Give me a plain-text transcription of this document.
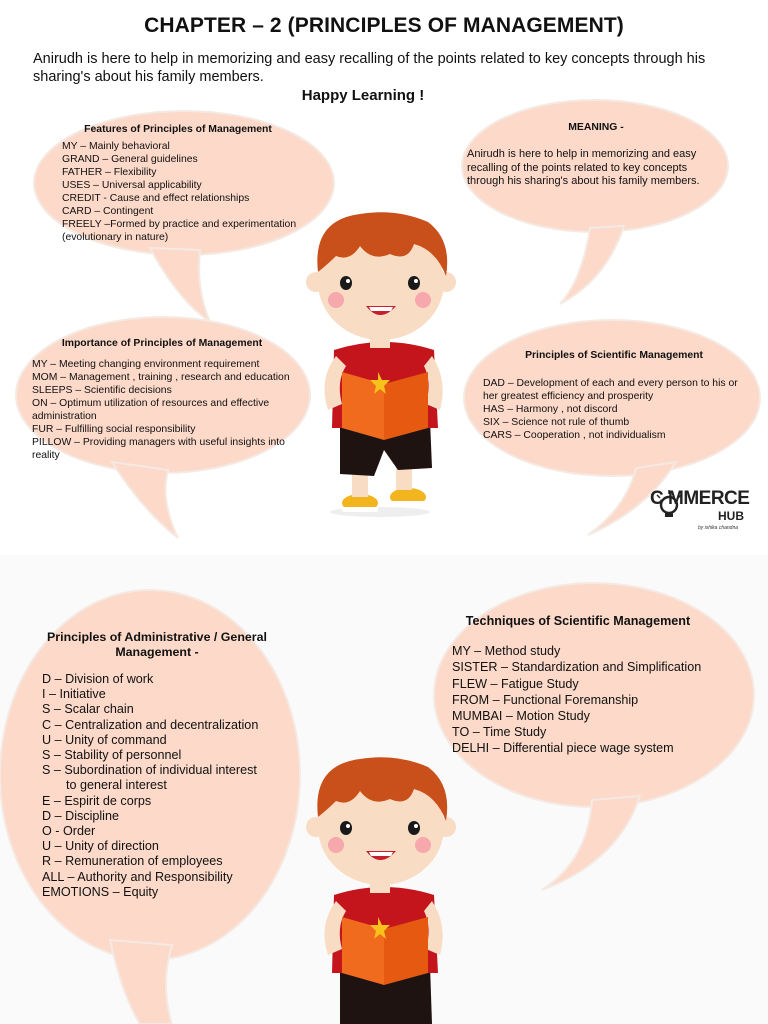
CHAPTER – 2 (PRINCIPLES OF MANAGEMENT)
Anirudh is here to help in memorizing and easy recalling of the points related to key concepts through his sharing's about his family members.
Happy Learning !
Features of Principles of Management
MY – Mainly behavioral
GRAND – General guidelines
FATHER – Flexibility
USES – Universal applicability
CREDIT - Cause and effect relationships
CARD – Contingent
FREELY –Formed by practice and experimentation
(evolutionary in nature)
MEANING -
Anirudh is here to help in memorizing and easy recalling of the points related to key concepts through his sharing's about his family members.
Importance of Principles of Management
MY – Meeting changing environment requirement
MOM – Management , training , research and education
SLEEPS – Scientific decisions
ON – Optimum utilization of resources and effective administration
FUR – Fulfilling social responsibility
PILLOW – Providing managers with useful insights into reality
Principles of Scientific Management
DAD – Development of each and every person to his or her greatest efficiency and prosperity
HAS – Harmony , not discord
SIX – Science not rule of thumb
CARS – Cooperation , not individualism
Principles of Administrative / General Management -
D – Division of work
I – Initiative
S – Scalar chain
C – Centralization and decentralization
U – Unity of command
S – Stability of personnel
S – Subordination of individual interest
to general interest
E – Espirit de corps
D – Discipline
O - Order
U – Unity of direction
R – Remuneration of employees
ALL – Authority and Responsibility
EMOTIONS – Equity
Techniques of Scientific Management
MY – Method study
SISTER – Standardization and Simplification
FLEW – Fatigue Study
FROM – Functional Foremanship
MUMBAI – Motion Study
TO – Time Study
DELHI – Differential piece wage system
C MMERCE
HUB
by ishika chandna
